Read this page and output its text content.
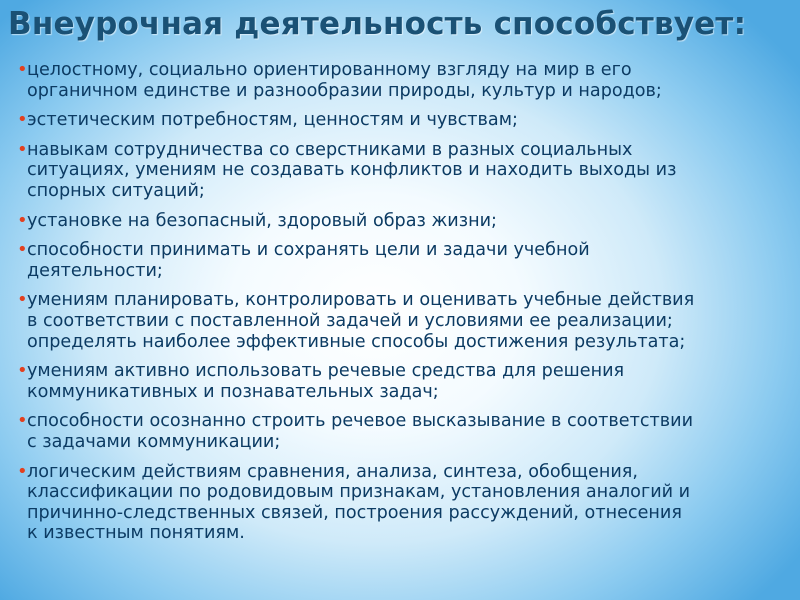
Внеурочная деятельность способствует:
• целостному, социально ориентированному взгляду на мир в его
органичном единстве и разнообразии природы, культур и народов;
• эстетическим потребностям, ценностям и чувствам;
• навыкам сотрудничества со сверстниками в разных социальных
ситуациях, умениям не создавать конфликтов и находить выходы из
спорных ситуаций;
• установке на безопасный, здоровый образ жизни;
• способности принимать и сохранять цели и задачи учебной
деятельности;
• умениям планировать, контролировать и оценивать учебные действия
в соответствии с поставленной задачей и условиями ее реализации;
определять наиболее эффективные способы достижения результата;
• умениям активно использовать речевые средства для решения
коммуникативных и познавательных задач;
• способности осознанно строить речевое высказывание в соответствии
с задачами коммуникации;
• логическим действиям сравнения, анализа, синтеза, обобщения,
классификации по родовидовым признакам, установления аналогий и
причинно-следственных связей, построения рассуждений, отнесения
к известным понятиям.
